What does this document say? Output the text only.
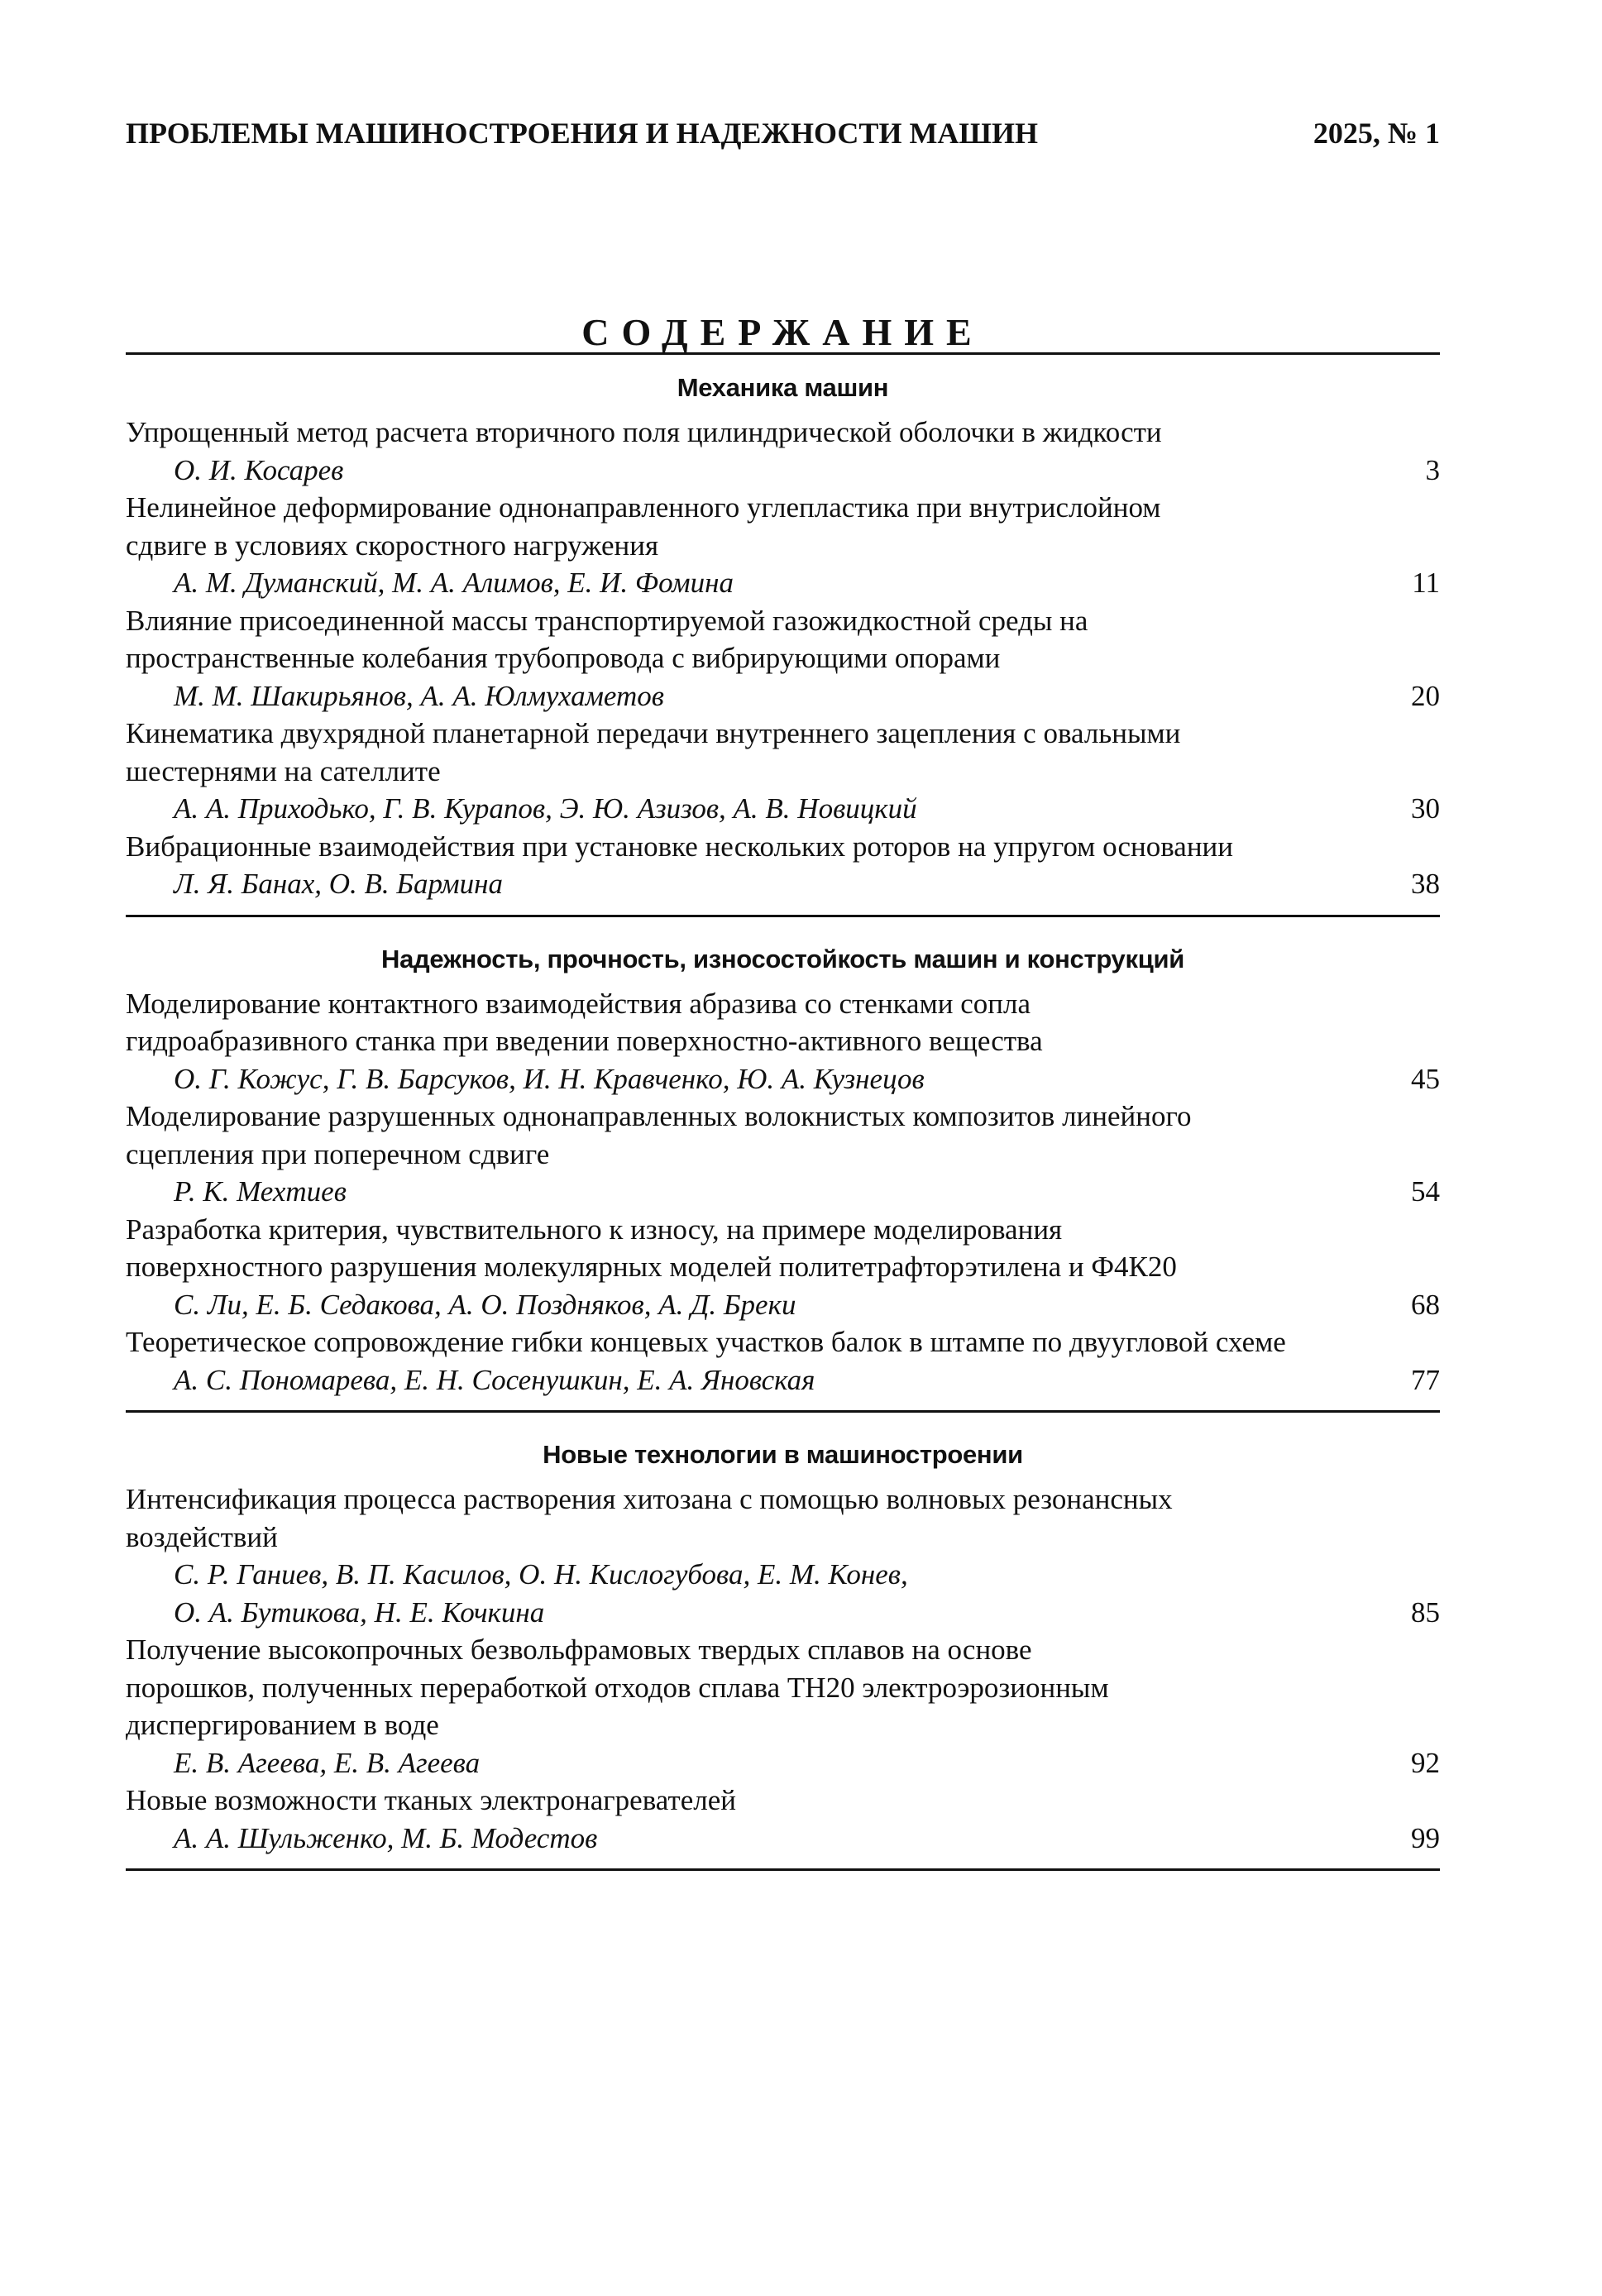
ПРОБЛЕМЫ МАШИНОСТРОЕНИЯ И НАДЕЖНОСТИ МАШИН	2025, № 1
СОДЕРЖАНИЕ
Механика машин
Упрощенный метод расчета вторичного поля цилиндрической оболочки в жидкости
О. И. Косарев	3
Нелинейное деформирование однонаправленного углепластика при внутрислойном
сдвиге в условиях скоростного нагружения
А. М. Думанский, М. А. Алимов, Е. И. Фомина	11
Влияние присоединенной массы транспортируемой газожидкостной среды на
пространственные колебания трубопровода с вибрирующими опорами
М. М. Шакирьянов, А. А. Юлмухаметов	20
Кинематика двухрядной планетарной передачи внутреннего зацепления с овальными
шестернями на сателлите
А. А. Приходько, Г. В. Курапов, Э. Ю. Азизов, А. В. Новицкий	30
Вибрационные взаимодействия при установке нескольких роторов на упругом основании
Л. Я. Банах, О. В. Бармина	38
Надежность, прочность, износостойкость машин и конструкций
Моделирование контактного взаимодействия абразива со стенками сопла
гидроабразивного станка при введении поверхностно-активного вещества
О. Г. Кожус, Г. В. Барсуков, И. Н. Кравченко, Ю. А. Кузнецов	45
Моделирование разрушенных однонаправленных волокнистых композитов линейного
сцепления при поперечном сдвиге
Р. К. Мехтиев	54
Разработка критерия, чувствительного к износу, на примере моделирования
поверхностного разрушения молекулярных моделей политетрафторэтилена и Ф4К20
С. Ли, Е. Б. Седакова, А. О. Поздняков, А. Д. Бреки	68
Теоретическое сопровождение гибки концевых участков балок в штампе по двуугловой схеме
А. С. Пономарева, Е. Н. Сосенушкин, Е. А. Яновская	77
Новые технологии в машиностроении
Интенсификация процесса растворения хитозана с помощью волновых резонансных
воздействий
С. Р. Ганиев, В. П. Касилов, О. Н. Кислогубова, Е. М. Конев,
О. А. Бутикова, Н. Е. Кочкина	85
Получение высокопрочных безвольфрамовых твердых сплавов на основе
порошков, полученных переработкой отходов сплава ТН20 электроэрозионным
диспергированием в воде
Е. В. Агеева, Е. В. Агеева	92
Новые возможности тканых электронагревателей
А. А. Шульженко, М. Б. Модестов	99
